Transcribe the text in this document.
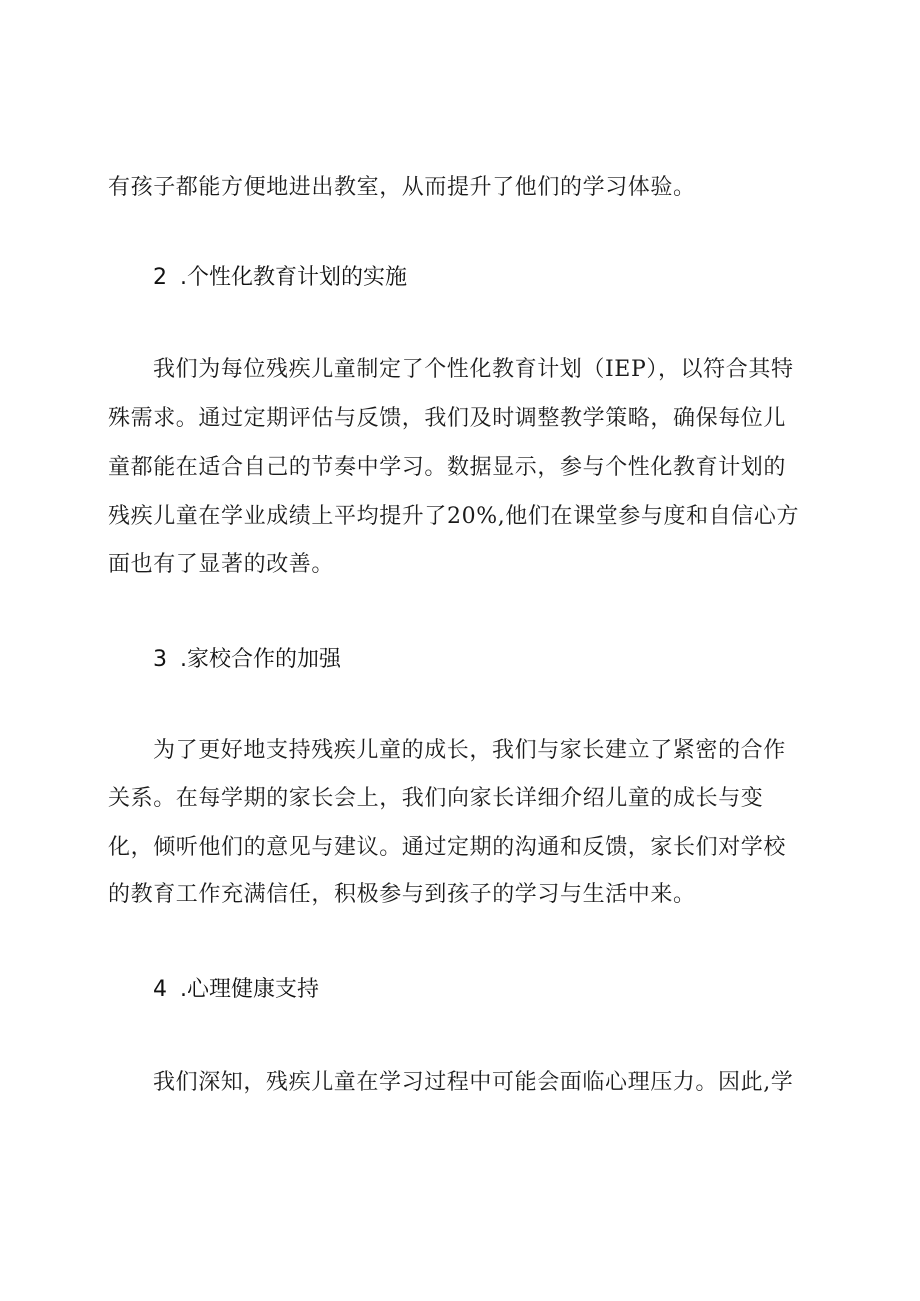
有孩子都能方便地进出教室，从而提升了他们的学习体验。
2 .个性化教育计划的实施
我们为每位残疾儿童制定了个性化教育计划（IEP），以符合其特
殊需求。通过定期评估与反馈，我们及时调整教学策略，确保每位儿
童都能在适合自己的节奏中学习。数据显示，参与个性化教育计划的
残疾儿童在学业成绩上平均提升了20%,他们在课堂参与度和自信心方
面也有了显著的改善。
3 .家校合作的加强
为了更好地支持残疾儿童的成长，我们与家长建立了紧密的合作
关系。在每学期的家长会上，我们向家长详细介绍儿童的成长与变
化，倾听他们的意见与建议。通过定期的沟通和反馈，家长们对学校
的教育工作充满信任，积极参与到孩子的学习与生活中来。
4 .心理健康支持
我们深知，残疾儿童在学习过程中可能会面临心理压力。因此,学
